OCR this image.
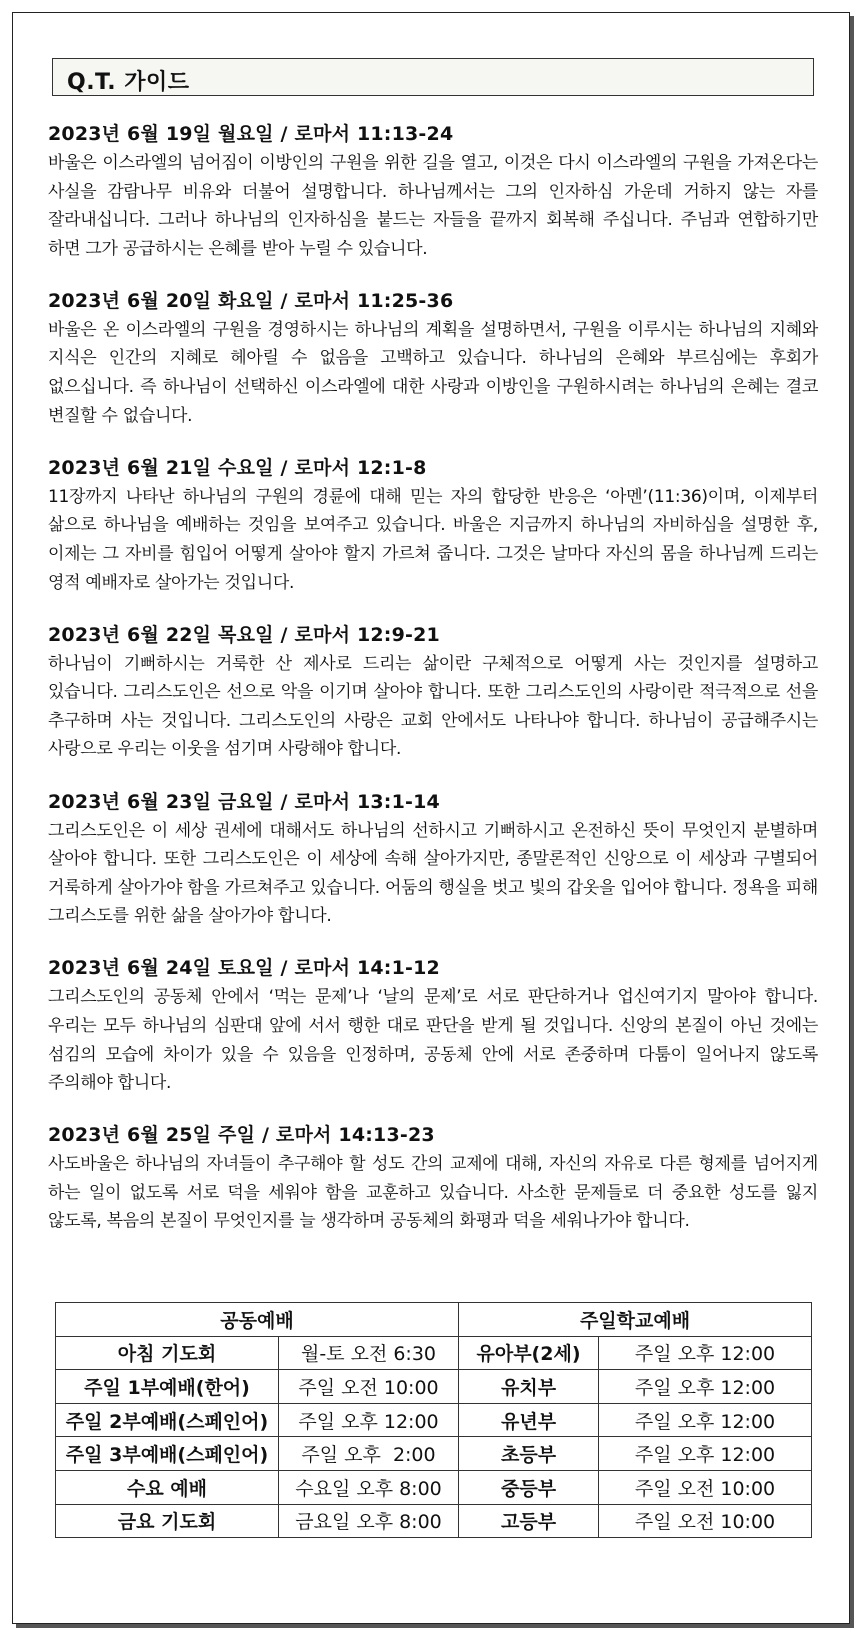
Q.T. 가이드
2023년 6월 19일 월요일 / 로마서 11:13-24
바울은 이스라엘의 넘어짐이 이방인의 구원을 위한 길을 열고, 이것은 다시 이스라엘의 구원을 가져온다는 사실을 감람나무 비유와 더불어 설명합니다. 하나님께서는 그의 인자하심 가운데 거하지 않는 자를 잘라내십니다. 그러나 하나님의 인자하심을 붙드는 자들을 끝까지 회복해 주십니다. 주님과 연합하기만 하면 그가 공급하시는 은혜를 받아 누릴 수 있습니다.
2023년 6월 20일 화요일 / 로마서 11:25-36
바울은 온 이스라엘의 구원을 경영하시는 하나님의 계획을 설명하면서, 구원을 이루시는 하나님의 지혜와 지식은 인간의 지혜로 헤아릴 수 없음을 고백하고 있습니다. 하나님의 은혜와 부르심에는 후회가 없으십니다. 즉 하나님이 선택하신 이스라엘에 대한 사랑과 이방인을 구원하시려는 하나님의 은혜는 결코 변질할 수 없습니다.
2023년 6월 21일 수요일 / 로마서 12:1-8
11장까지 나타난 하나님의 구원의 경륜에 대해 믿는 자의 합당한 반응은 ‘아멘’(11:36)이며, 이제부터 삶으로 하나님을 예배하는 것임을 보여주고 있습니다. 바울은 지금까지 하나님의 자비하심을 설명한 후, 이제는 그 자비를 힘입어 어떻게 살아야 할지 가르쳐 줍니다. 그것은 날마다 자신의 몸을 하나님께 드리는 영적 예배자로 살아가는 것입니다.
2023년 6월 22일 목요일 / 로마서 12:9-21
하나님이 기뻐하시는 거룩한 산 제사로 드리는 삶이란 구체적으로 어떻게 사는 것인지를 설명하고 있습니다. 그리스도인은 선으로 악을 이기며 살아야 합니다. 또한 그리스도인의 사랑이란 적극적으로 선을 추구하며 사는 것입니다. 그리스도인의 사랑은 교회 안에서도 나타나야 합니다. 하나님이 공급해주시는 사랑으로 우리는 이웃을 섬기며 사랑해야 합니다.
2023년 6월 23일 금요일 / 로마서 13:1-14
그리스도인은 이 세상 권세에 대해서도 하나님의 선하시고 기뻐하시고 온전하신 뜻이 무엇인지 분별하며 살아야 합니다. 또한 그리스도인은 이 세상에 속해 살아가지만, 종말론적인 신앙으로 이 세상과 구별되어 거룩하게 살아가야 함을 가르쳐주고 있습니다. 어둠의 행실을 벗고 빛의 갑옷을 입어야 합니다. 정욕을 피해 그리스도를 위한 삶을 살아가야 합니다.
2023년 6월 24일 토요일 / 로마서 14:1-12
그리스도인의 공동체 안에서 ‘먹는 문제’나 ‘날의 문제’로 서로 판단하거나 업신여기지 말아야 합니다. 우리는 모두 하나님의 심판대 앞에 서서 행한 대로 판단을 받게 될 것입니다. 신앙의 본질이 아닌 것에는 섬김의 모습에 차이가 있을 수 있음을 인정하며, 공동체 안에 서로 존중하며 다툼이 일어나지 않도록 주의해야 합니다.
2023년 6월 25일 주일 / 로마서 14:13-23
사도바울은 하나님의 자녀들이 추구해야 할 성도 간의 교제에 대해, 자신의 자유로 다른 형제를 넘어지게 하는 일이 없도록 서로 덕을 세워야 함을 교훈하고 있습니다. 사소한 문제들로 더 중요한 성도를 잃지 않도록, 복음의 본질이 무엇인지를 늘 생각하며 공동체의 화평과 덕을 세워나가야 합니다.
공동예배		주일학교예배	
아침 기도회	월-토 오전 6:30	유아부(2세)	주일 오후 12:00
주일 1부예배(한어)	주일 오전 10:00	유치부	주일 오후 12:00
주일 2부예배(스페인어)	주일 오후 12:00	유년부	주일 오후 12:00
주일 3부예배(스페인어)	주일 오후  2:00	초등부	주일 오후 12:00
수요 예배	수요일 오후 8:00	중등부	주일 오전 10:00
금요 기도회	금요일 오후 8:00	고등부	주일 오전 10:00
